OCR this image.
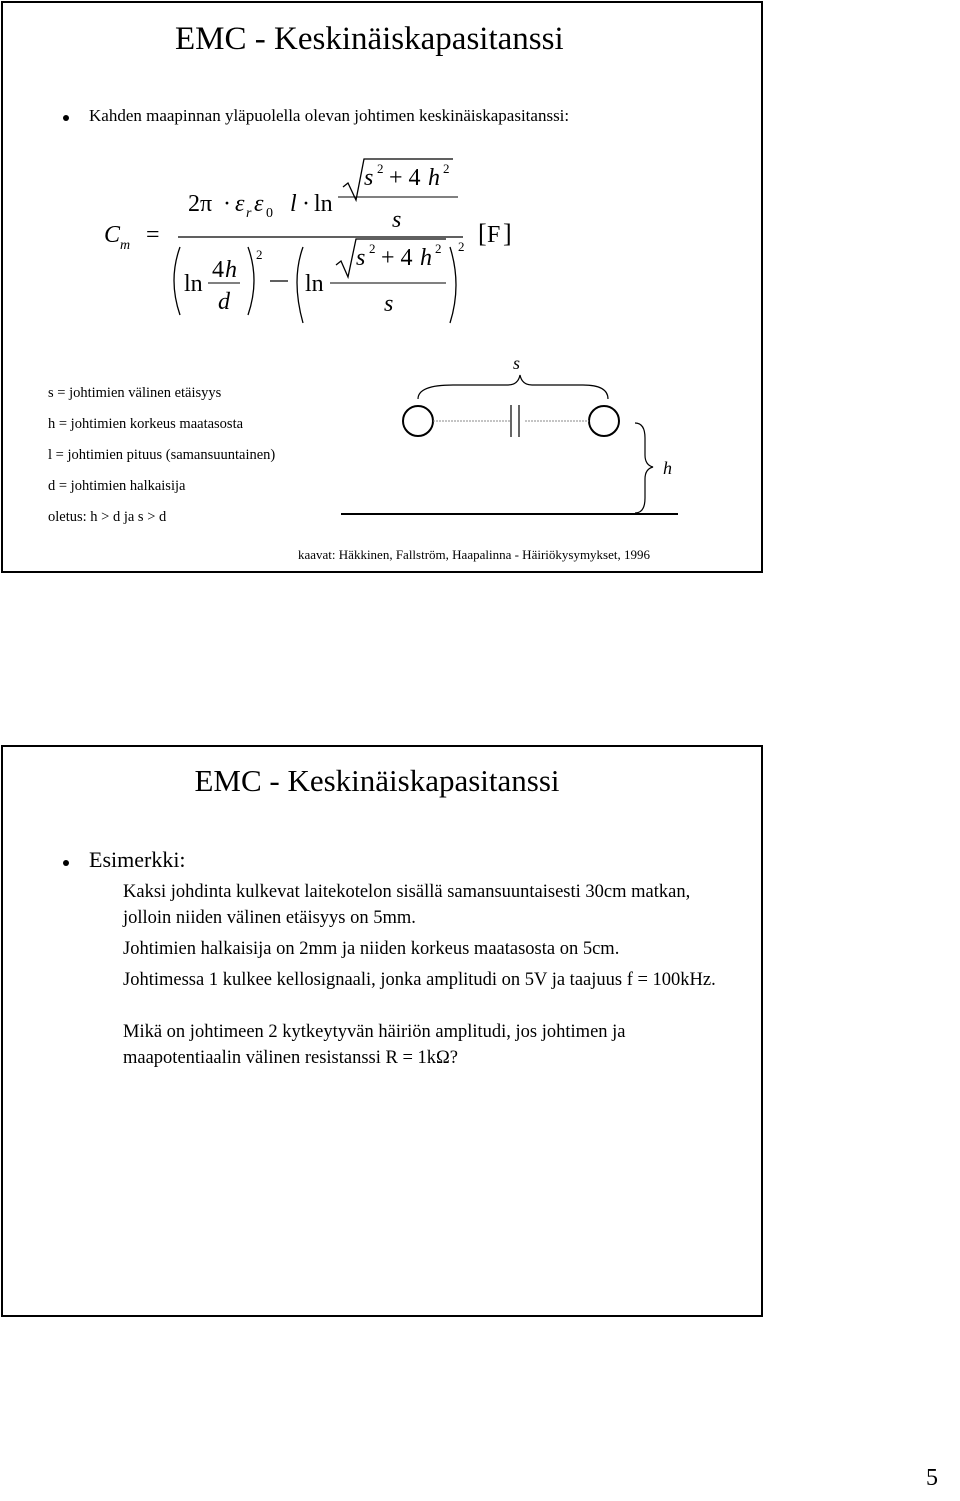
EMC - Keskinäiskapasitanssi
Kahden maapinnan yläpuolella olevan johtimen keskinäiskapasitanssi:
C m =
2π · ε r ε 0 l · ln
s 2 + 4 h 2
s
ln
4 h
d
2
ln
s 2 + 4 h 2
s
2 [ F ]
s = johtimien välinen etäisyys
h = johtimien korkeus maatasosta
l = johtimien pituus (samansuuntainen)
d = johtimien halkaisija
oletus: h > d ja s > d
s
h
kaavat: Häkkinen, Fallström, Haapalinna - Häiriökysymykset, 1996
EMC - Keskinäiskapasitanssi
Esimerkki:

Kaksi johdinta kulkevat laitekotelon sisällä samansuuntaisesti 30cm matkan, jolloin niiden välinen etäisyys on 5mm.

Johtimien halkaisija on 2mm ja niiden korkeus maatasosta on 5cm.

Johtimessa 1 kulkee kellosignaali, jonka amplitudi on 5V ja taajuus f = 100kHz.

Mikä on johtimeen 2 kytkeytyvän häiriön amplitudi, jos johtimen ja maapotentiaalin välinen resistanssi R = 1kΩ?

5
